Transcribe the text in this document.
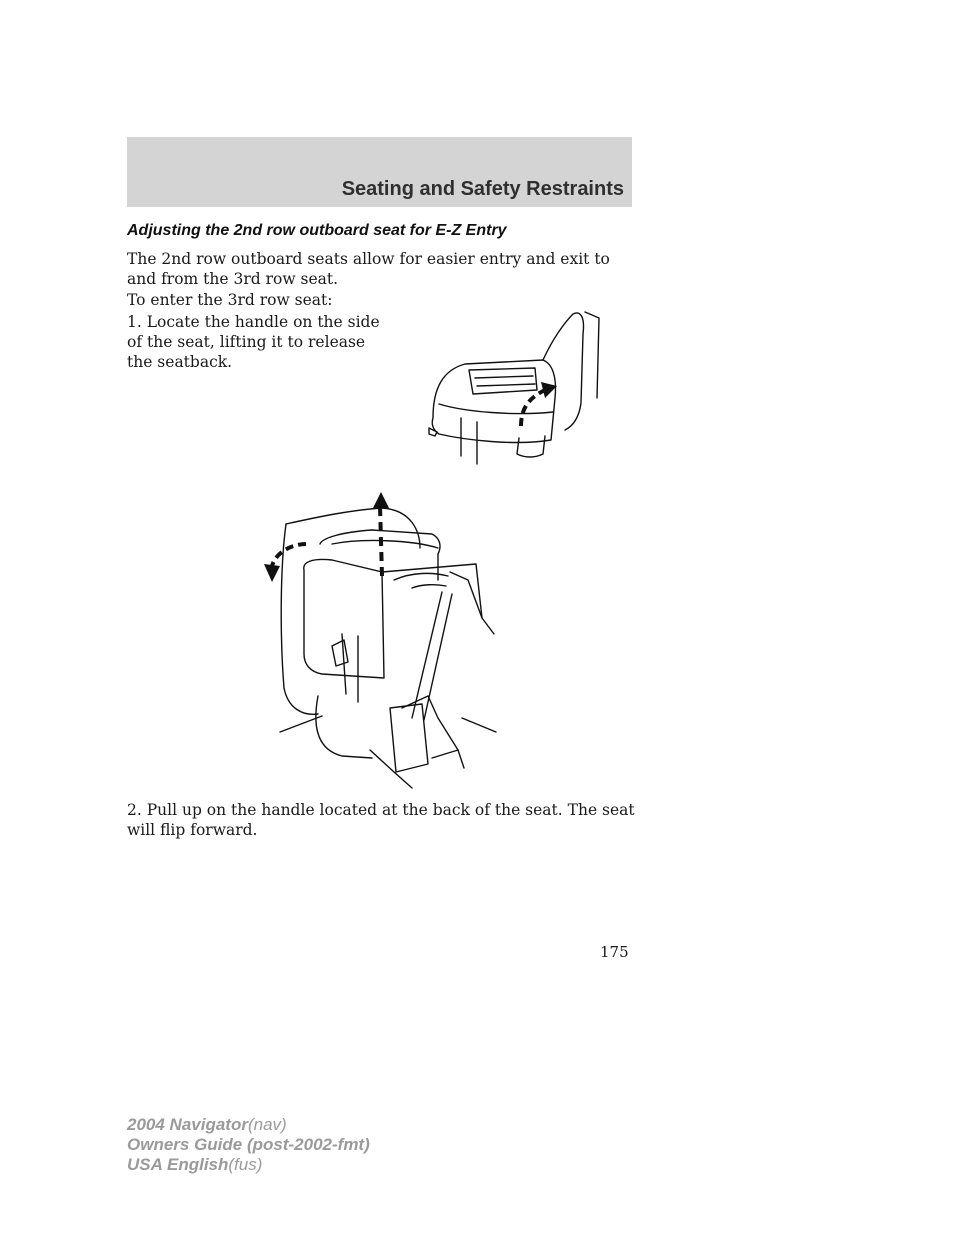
Seating and Safety Restraints
Adjusting the 2nd row outboard seat for E-Z Entry

The 2nd row outboard seats allow for easier entry and exit to and from the 3rd row seat.

To enter the 3rd row seat:

1. Locate the handle on the side of the seat, lifting it to release the seatback.

2. Pull up on the handle located at the back of the seat. The seat will flip forward.

175
2004 Navigator(nav)
Owners Guide (post-2002-fmt)
USA English(fus)
